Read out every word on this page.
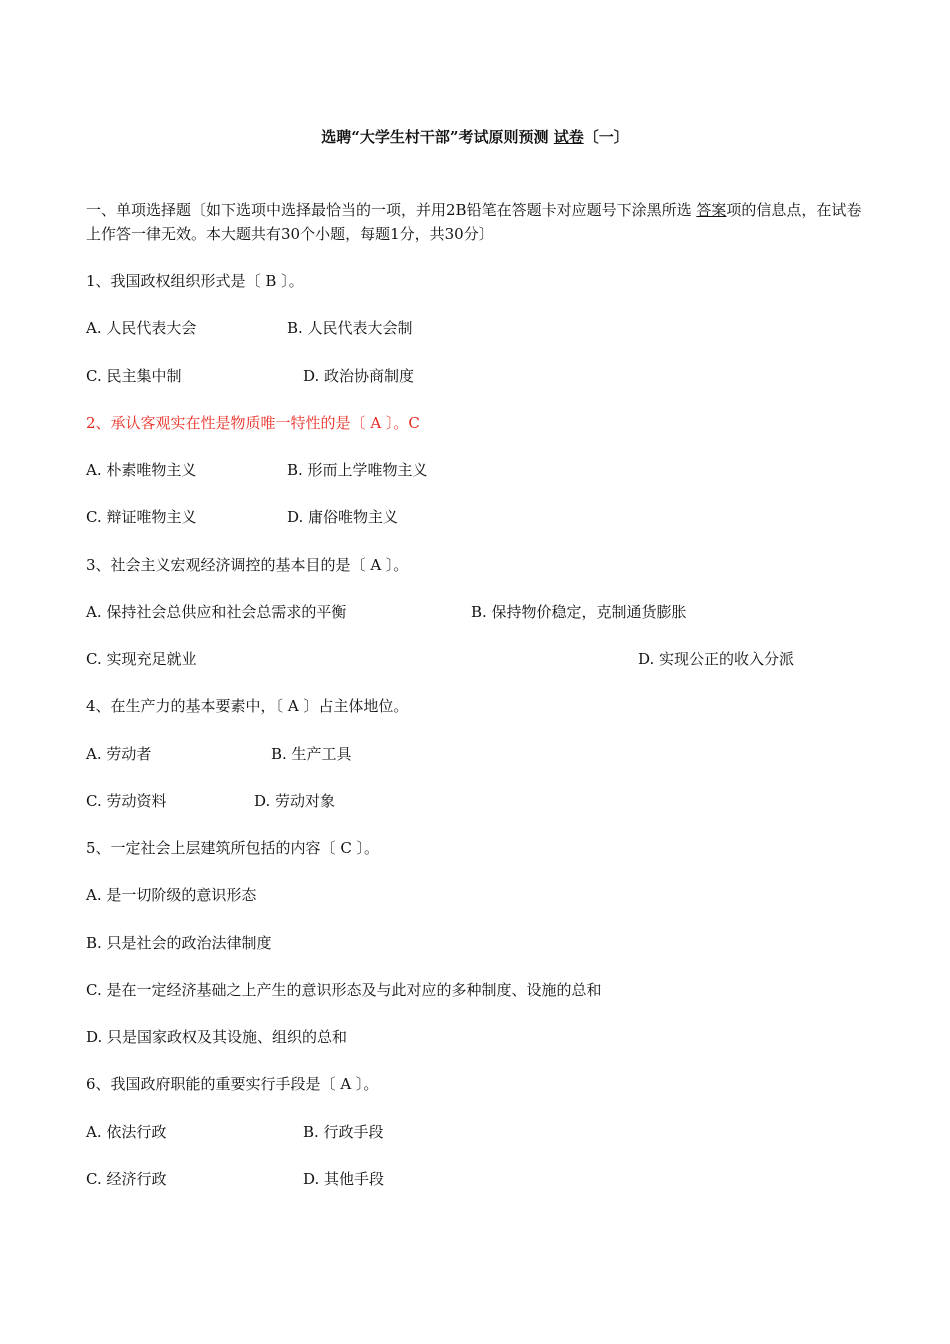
选聘“大学生村干部”考试原则预测 试卷〔一〕
一、单项选择题〔如下选项中选择最恰当的一项，并用2B铅笔在答题卡对应题号下涂黑所选 答案项的信息点，在试卷上作答一律无效。本大题共有30个小题，每题1分，共30分〕
1、我国政权组织形式是〔 B 〕。
A. 人民代表大会	B. 人民代表大会制
C. 民主集中制	D. 政治协商制度
2、承认客观实在性是物质唯一特性的是〔 A 〕。C
A. 朴素唯物主义	B. 形而上学唯物主义
C. 辩证唯物主义	D. 庸俗唯物主义
3、社会主义宏观经济调控的基本目的是〔 A 〕。
A. 保持社会总供应和社会总需求的平衡	B. 保持物价稳定，克制通货膨胀
C. 实现充足就业	D. 实现公正的收入分派
4、在生产力的基本要素中，〔 A 〕占主体地位。
A. 劳动者	B. 生产工具
C. 劳动资料	D. 劳动对象
5、一定社会上层建筑所包括的内容〔 C 〕。
A. 是一切阶级的意识形态
B. 只是社会的政治法律制度
C. 是在一定经济基础之上产生的意识形态及与此对应的多种制度、设施的总和
D. 只是国家政权及其设施、组织的总和
6、我国政府职能的重要实行手段是〔 A 〕。
A. 依法行政	B. 行政手段
C. 经济行政	D. 其他手段
